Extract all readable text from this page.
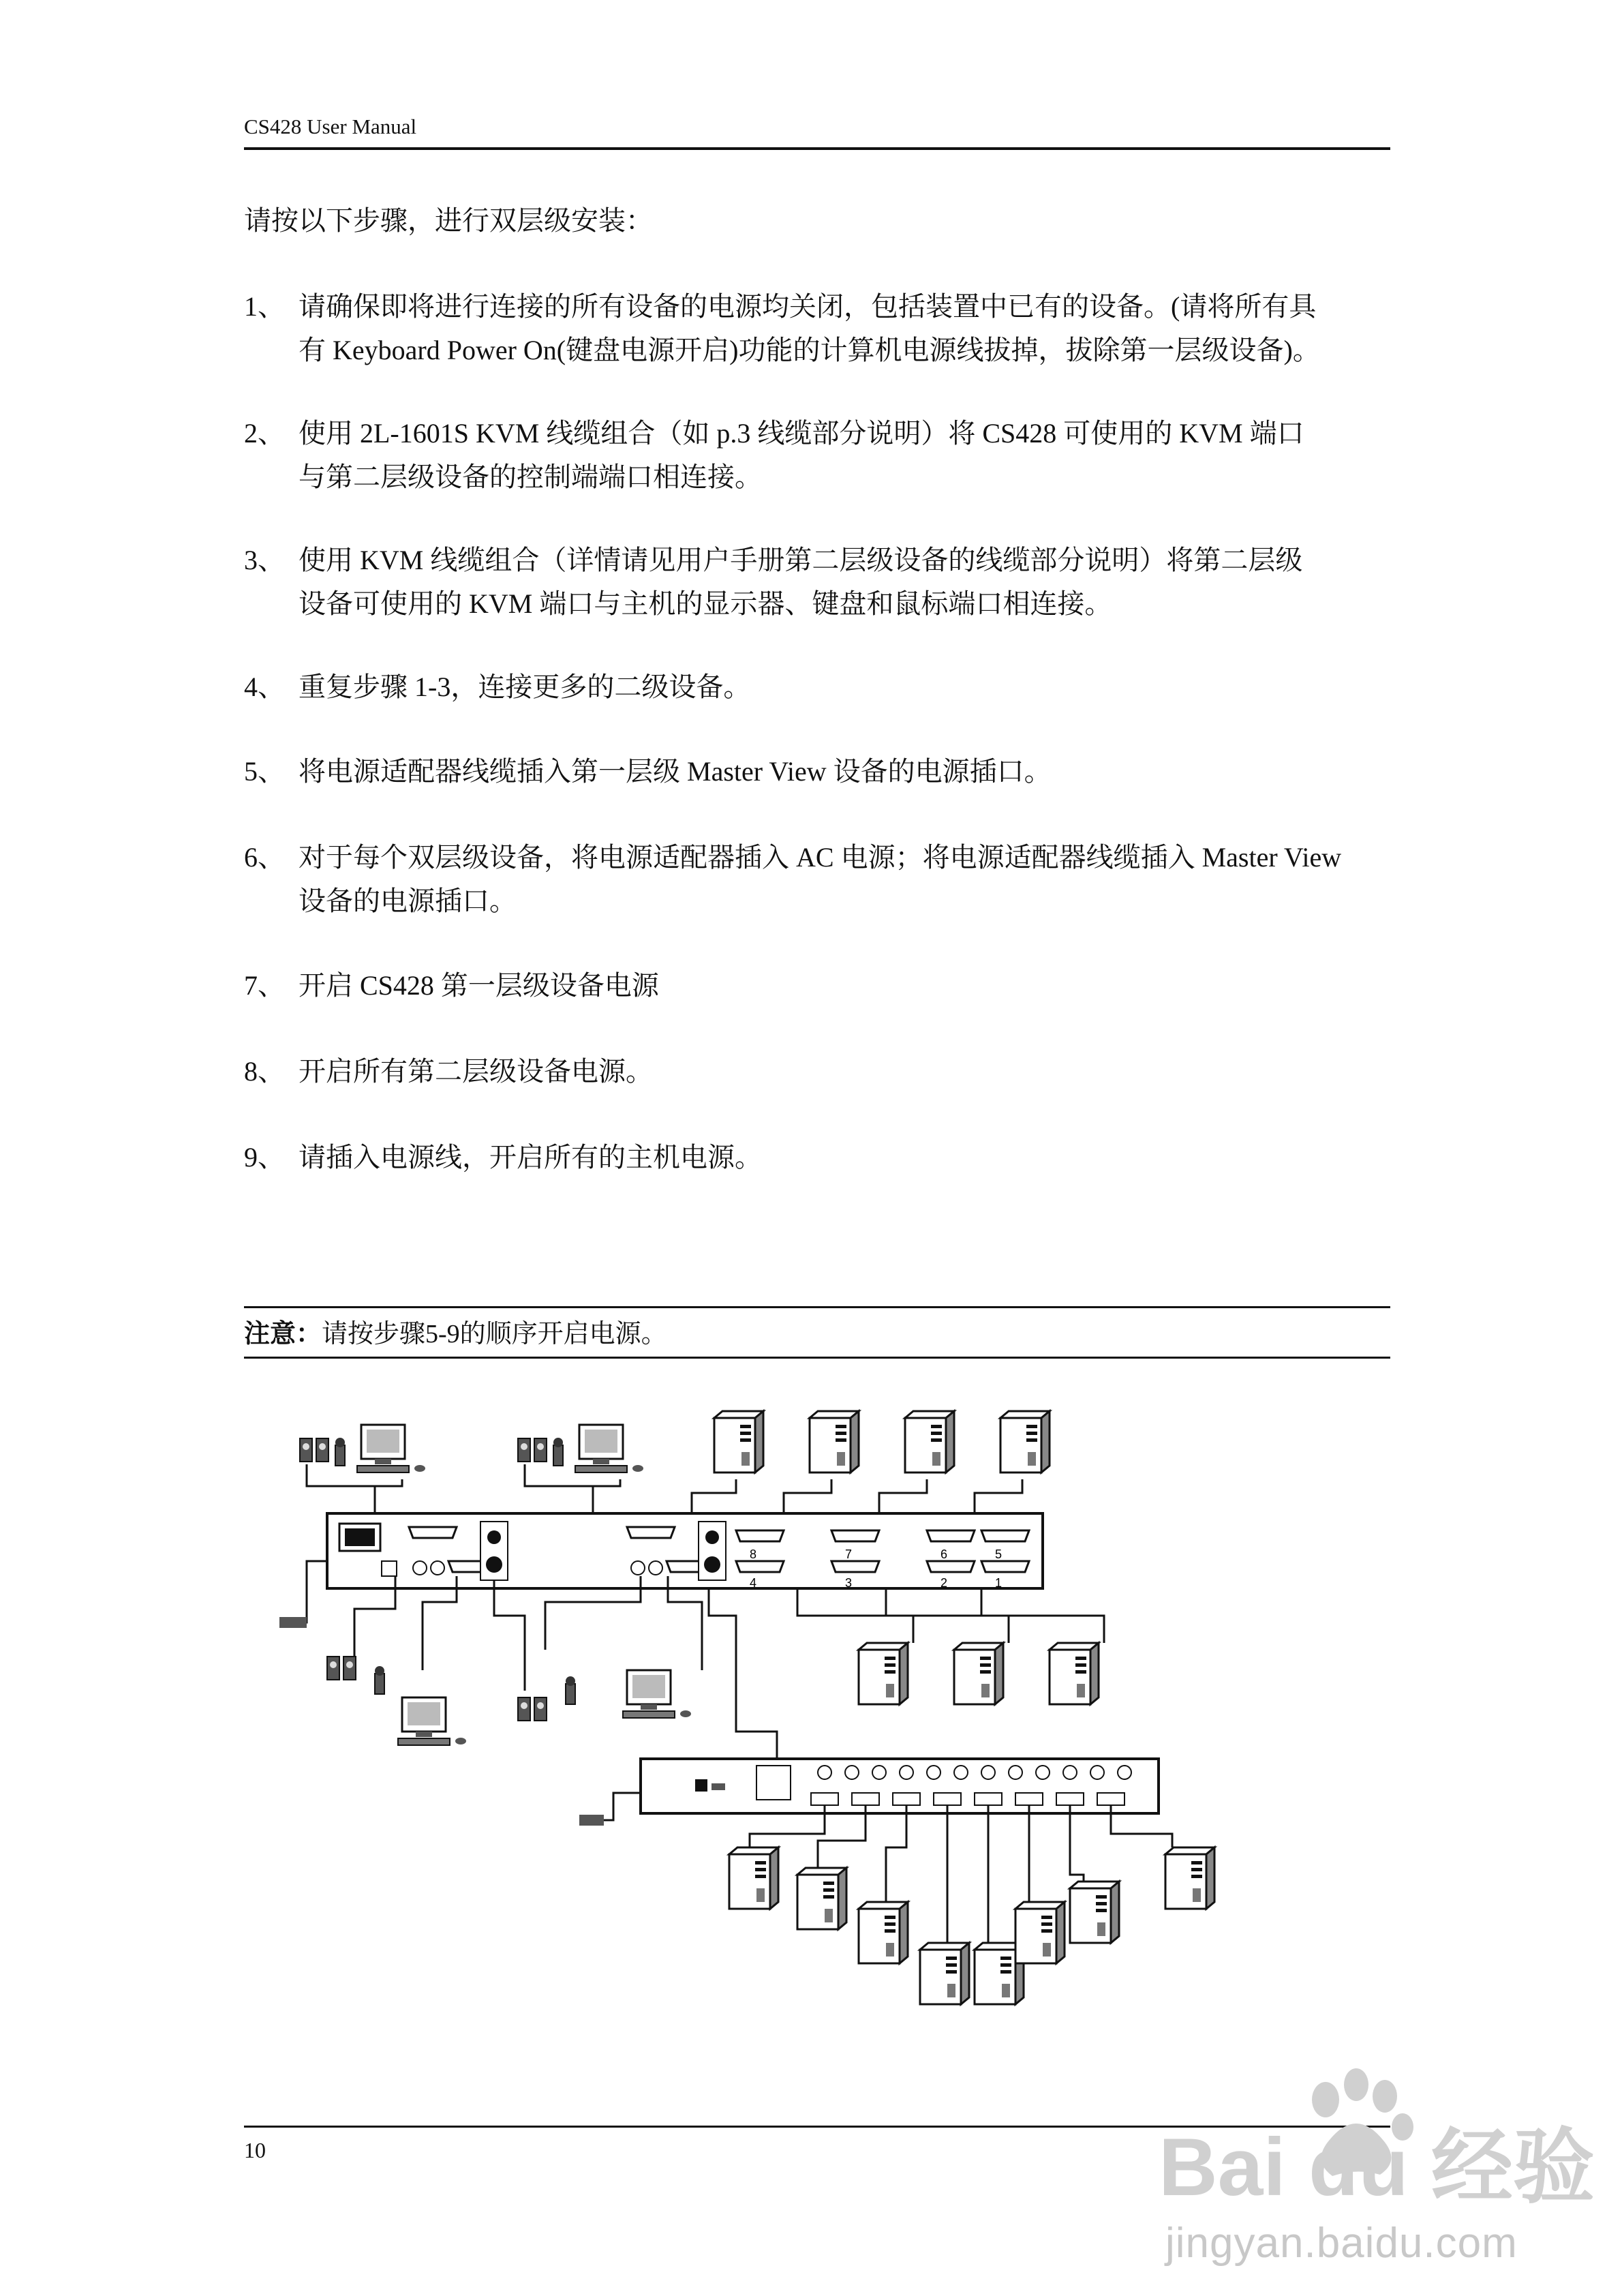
CS428 User Manual
请按以下步骤，进行双层级安装：
1、 请确保即将进行连接的所有设备的电源均关闭，包括装置中已有的设备。(请将所有具
有 Keyboard Power On(键盘电源开启)功能的计算机电源线拔掉，拔除第一层级设备)。
2、 使用 2L-1601S KVM 线缆组合（如 p.3 线缆部分说明）将 CS428 可使用的 KVM 端口
与第二层级设备的控制端端口相连接。
3、 使用 KVM 线缆组合（详情请见用户手册第二层级设备的线缆部分说明）将第二层级
设备可使用的 KVM 端口与主机的显示器、键盘和鼠标端口相连接。
4、 重复步骤 1-3，连接更多的二级设备。
5、 将电源适配器线缆插入第一层级 Master View 设备的电源插口。
6、 对于每个双层级设备，将电源适配器插入 AC 电源；将电源适配器线缆插入 Master View
设备的电源插口。
7、 开启 CS428 第一层级设备电源
8、 开启所有第二层级设备电源。
9、 请插入电源线，开启所有的主机电源。
注意：请按步骤5-9的顺序开启电源。
8	7	6	5
4	3	2	1
10	Bai du 经验
jingyan.baidu.com
